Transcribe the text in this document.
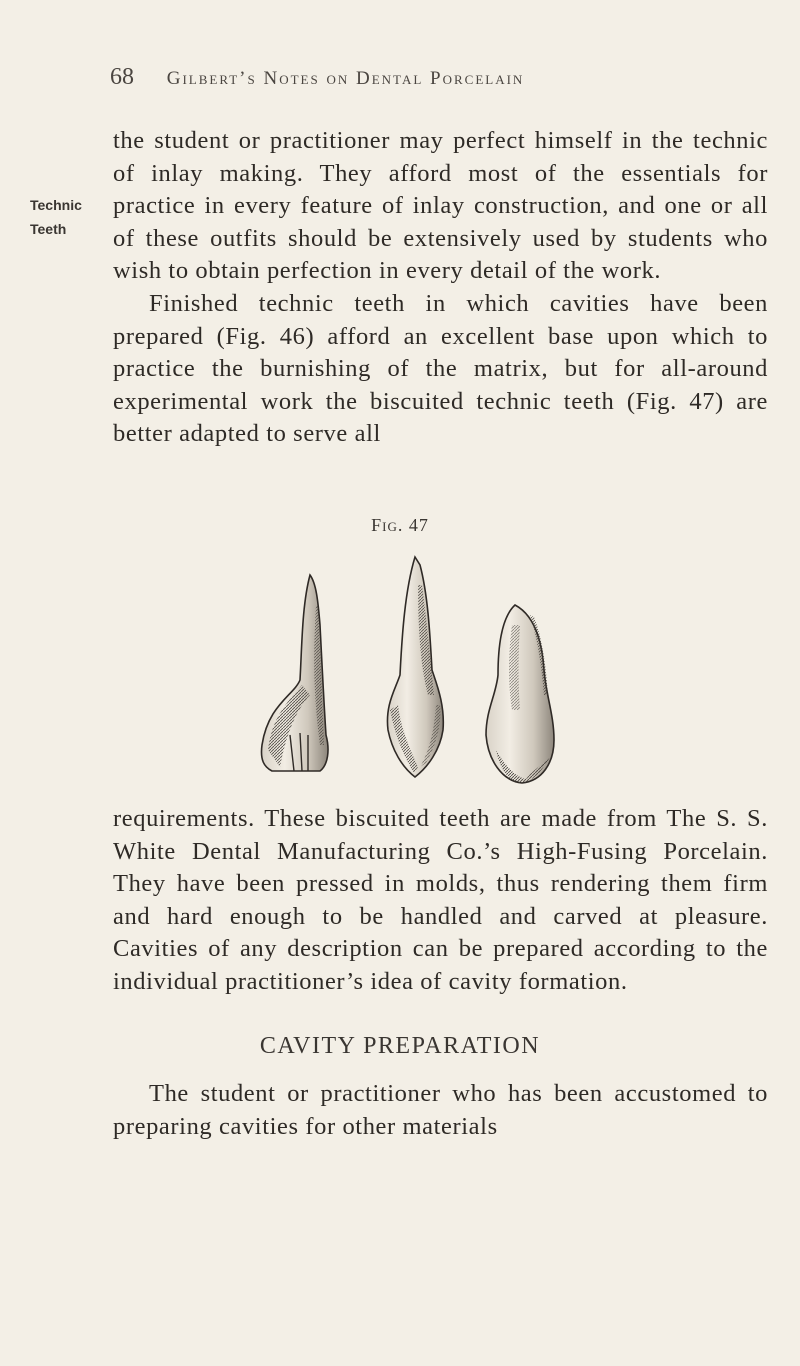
68 Gilbert’s Notes on Dental Porcelain
Technic
Teeth
the student or practitioner may perfect himself in the technic of inlay making. They afford most of the essentials for practice in every feature of inlay construction, and one or all of these outfits should be extensively used by students who wish to obtain perfection in every detail of the work.
Finished technic teeth in which cavities have been prepared (Fig. 46) afford an excellent base upon which to practice the burnishing of the matrix, but for all-around experimental work the biscuited technic teeth (Fig. 47) are better adapted to serve all
Fig. 47
requirements. These biscuited teeth are made from The S. S. White Dental Manufacturing Co.’s High-Fusing Porcelain. They have been pressed in molds, thus rendering them firm and hard enough to be handled and carved at pleasure. Cavities of any description can be prepared according to the individual practitioner’s idea of cavity formation.
CAVITY PREPARATION
The student or practitioner who has been accustomed to preparing cavities for other materials
